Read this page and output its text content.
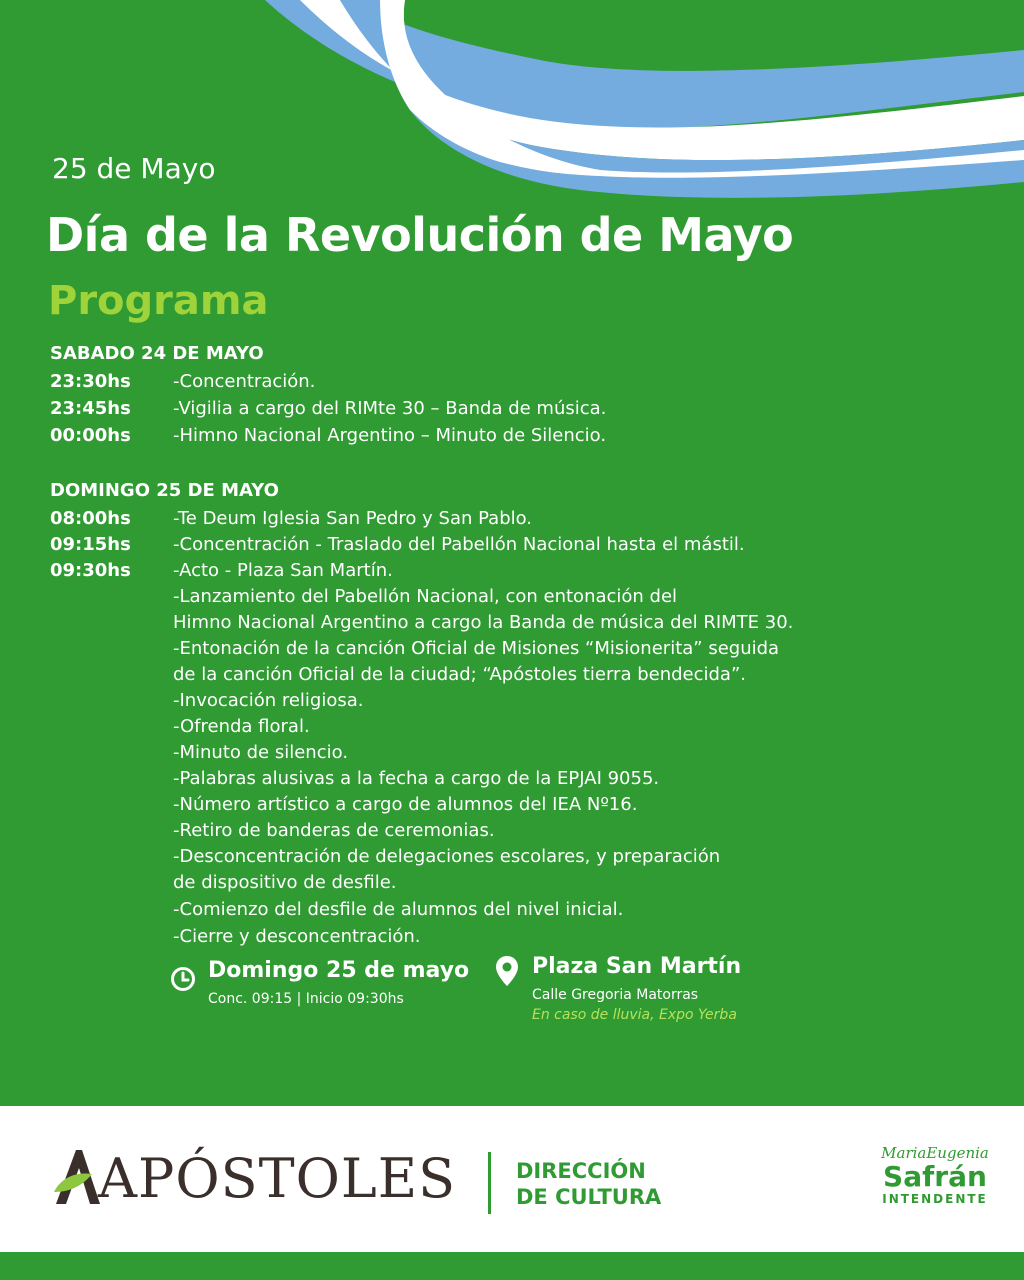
25 de Mayo
Día de la Revolución de Mayo
Programa
SABADO 24 DE MAYO
23:30hs -Concentración.
23:45hs -Vigilia a cargo del RIMte 30 – Banda de música.
00:00hs -Himno Nacional Argentino – Minuto de Silencio.
DOMINGO 25 DE MAYO
08:00hs -Te Deum Iglesia San Pedro y San Pablo.
09:15hs -Concentración - Traslado del Pabellón Nacional hasta el mástil.
09:30hs -Acto - Plaza San Martín.
-Lanzamiento del Pabellón Nacional, con entonación del
Himno Nacional Argentino a cargo la Banda de música del RIMTE 30.
-Entonación de la canción Oficial de Misiones “Misionerita” seguida
de la canción Oficial de la ciudad; “Apóstoles tierra bendecida”.
-Invocación religiosa.
-Ofrenda floral.
-Minuto de silencio.
-Palabras alusivas a la fecha a cargo de la EPJAI 9055.
-Número artístico a cargo de alumnos del IEA Nº16.
-Retiro de banderas de ceremonias.
-Desconcentración de delegaciones escolares, y preparación
de dispositivo de desfile.
-Comienzo del desfile de alumnos del nivel inicial.
-Cierre y desconcentración.
Domingo 25 de mayo
Conc. 09:15 | Inicio 09:30hs
Plaza San Martín
Calle Gregoria Matorras
En caso de lluvia, Expo Yerba
APÓSTOLES	DIRECCIÓN
DE CULTURA
MariaEugenia
Safrán
INTENDENTE
